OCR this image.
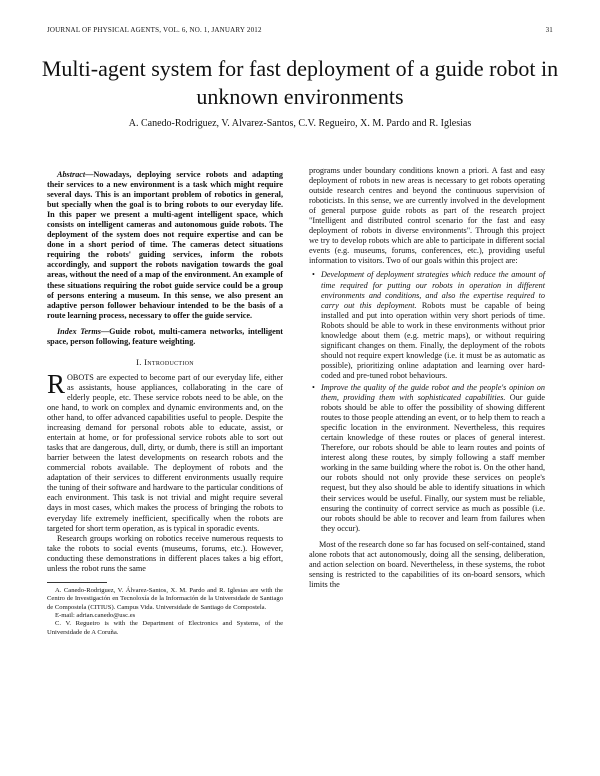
JOURNAL OF PHYSICAL AGENTS, VOL. 6, NO. 1, JANUARY 2012	31
Multi-agent system for fast deployment of a guide robot in unknown environments
A. Canedo-Rodriguez, V. Alvarez-Santos, C.V. Regueiro, X. M. Pardo and R. Iglesias

Abstract—Nowadays, deploying service robots and adapting their services to a new environment is a task which might require several days. This is an important problem of robotics in general, but specially when the goal is to bring robots to our everyday life. In this paper we present a multi-agent intelligent space, which consists on intelligent cameras and autonomous guide robots. The deployment of the system does not require expertise and can be done in a short period of time. The cameras detect situations requiring the robots' guiding services, inform the robots accordingly, and support the robots navigation towards the goal areas, without the need of a map of the environment. An example of these situations requiring the robot guide service could be a group of persons entering a museum. In this sense, we also present an adaptive person follower behaviour intended to be the basis of a route learning process, necessary to offer the guide service.

Index Terms—Guide robot, multi-camera networks, intelligent space, person following, feature weighting.

I. Introduction

ROBOTS are expected to become part of our everyday life, either as assistants, house appliances, collaborating in the care of elderly people, etc. These service robots need to be able, on the one hand, to work on complex and dynamic environments and, on the other hand, to offer advanced capabilities useful to people. Despite the increasing demand for personal robots able to educate, assist, or entertain at home, or for professional service robots able to sort out tasks that are dangerous, dull, dirty, or dumb, there is still an important barrier between the latest developments on research robots and the commercial robots available. The deployment of robots and the adaptation of their services to different environments usually require the tuning of their software and hardware to the particular conditions of each environment. This task is not trivial and might require several days in most cases, which makes the process of bringing the robots to everyday life extremely inefficient, specifically when the robots are targeted for short term operation, as is typical in sporadic events.

Research groups working on robotics receive numerous requests to take the robots to social events (museums, forums, etc.). However, conducting these demonstrations in different places takes a big effort, unless the robot runs the same

A. Canedo-Rodriguez, V. Álvarez-Santos, X. M. Pardo and R. Iglesias are with the Centro de Investigación en Tecnoloxía de la Información de la Universidade de Santiago de Compostela (CITIUS). Campus Vida. Universidade de Santiago de Compostela.

E-mail: adrian.canedo@usc.es

C. V. Regueiro is with the Department of Electronics and Systems, of the Universidade de A Coruña.

programs under boundary conditions known a priori. A fast and easy deployment of robots in new areas is necessary to get robots operating outside research centres and beyond the continuous supervision of roboticists. In this sense, we are currently involved in the development of general purpose guide robots as part of the research project "Intelligent and distributed control scenario for the fast and easy deployment of robots in diverse environments". Through this project we try to develop robots which are able to participate in different social events (e.g. museums, forums, conferences, etc.), providing useful information to visitors. Two of our goals within this project are:

• Development of deployment strategies which reduce the amount of time required for putting our robots in operation in different environments and conditions, and also the expertise required to carry out this deployment. Robots must be capable of being installed and put into operation within very short periods of time. Robots should be able to work in these environments without prior knowledge about them (e.g. metric maps), or without requiring significant changes on them. Finally, the deployment of the robots should not require expert knowledge (i.e. it must be as automatic as possible), prioritizing online adaptation and learning over hard-coded and pre-tuned robot behaviours.
• Improve the quality of the guide robot and the people's opinion on them, providing them with sophisticated capabilities. Our guide robots should be able to offer the possibility of showing different routes to those people attending an event, or to help them to reach a specific location in the environment. Nevertheless, this requires certain knowledge of these routes or places of general interest. Therefore, our robots should be able to learn routes and points of interest along these routes, by simply following a staff member working in the same building where the robot is. On the other hand, our robots should not only provide these services on people's request, but they also should be able to identify situations in which their services would be useful. Finally, our system must be reliable, ensuring the continuity of correct service as much as possible (i.e. our robots should be able to recover and learn from failures when they occur).

Most of the research done so far has focused on self-contained, stand alone robots that act autonomously, doing all the sensing, deliberation, and action selection on board. Nevertheless, in these systems, the robot sensing is restricted to the capabilities of its on-board sensors, which limits the
